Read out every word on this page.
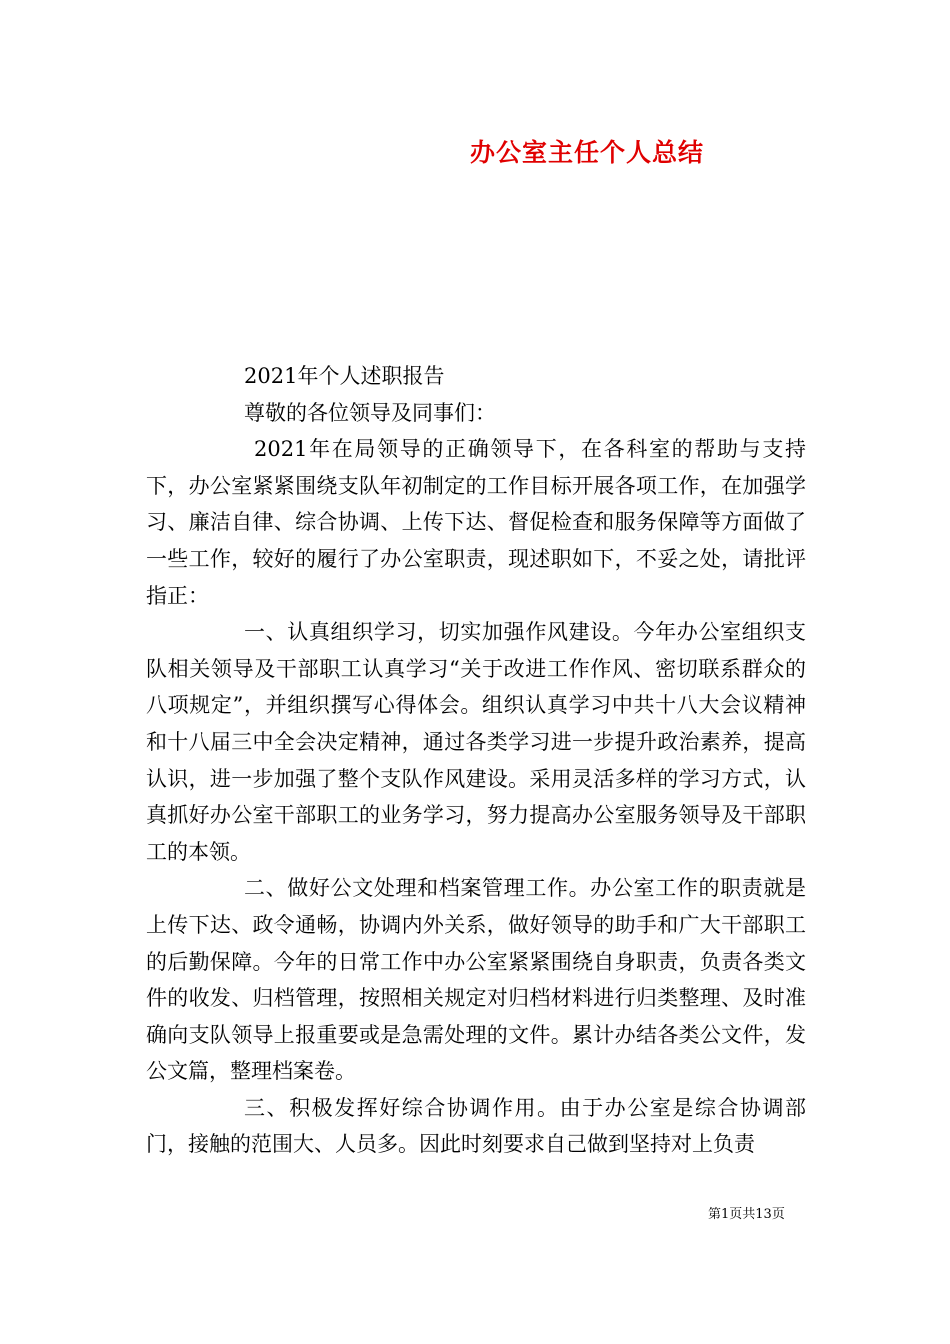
办公室主任个人总结

2021年个人述职报告

尊敬的各位领导及同事们：

2021年在局领导的正确领导下，在各科室的帮助与支持下，办公室紧紧围绕支队年初制定的工作目标开展各项工作，在加强学习、廉洁自律、综合协调、上传下达、督促检查和服务保障等方面做了一些工作，较好的履行了办公室职责，现述职如下，不妥之处，请批评指正：

一、认真组织学习，切实加强作风建设。今年办公室组织支队相关领导及干部职工认真学习“关于改进工作作风、密切联系群众的八项规定”，并组织撰写心得体会。组织认真学习中共十八大会议精神和十八届三中全会决定精神，通过各类学习进一步提升政治素养，提高认识，进一步加强了整个支队作风建设。采用灵活多样的学习方式，认真抓好办公室干部职工的业务学习，努力提高办公室服务领导及干部职工的本领。

二、做好公文处理和档案管理工作。办公室工作的职责就是上传下达、政令通畅，协调内外关系，做好领导的助手和广大干部职工的后勤保障。今年的日常工作中办公室紧紧围绕自身职责，负责各类文件的收发、归档管理，按照相关规定对归档材料进行归类整理、及时准确向支队领导上报重要或是急需处理的文件。累计办结各类公文件，发公文篇，整理档案卷。

三、积极发挥好综合协调作用。由于办公室是综合协调部门，接触的范围大、人员多。因此时刻要求自己做到坚持对上负责

第1页共13页
